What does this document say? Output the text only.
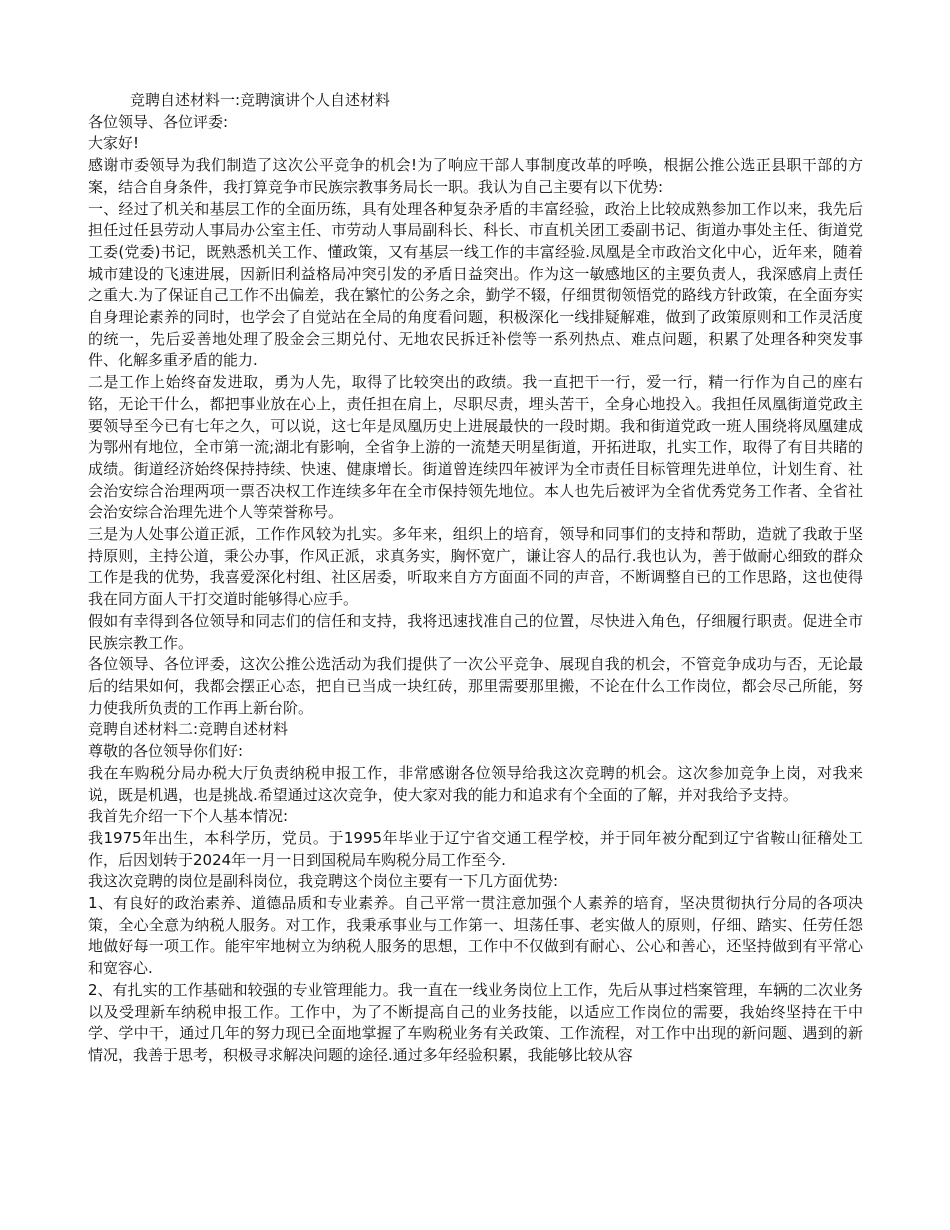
竞聘自述材料一:竞聘演讲个人自述材料

各位领导、各位评委:

大家好!

感谢市委领导为我们制造了这次公平竞争的机会!为了响应干部人事制度改革的呼唤，根据公推公选正县职干部的方案，结合自身条件，我打算竞争市民族宗教事务局长一职。我认为自己主要有以下优势:

一、经过了机关和基层工作的全面历练，具有处理各种复杂矛盾的丰富经验，政治上比较成熟参加工作以来，我先后担任过任县劳动人事局办公室主任、市劳动人事局副科长、科长、市直机关团工委副书记、街道办事处主任、街道党工委(党委)书记，既熟悉机关工作、懂政策，又有基层一线工作的丰富经验.凤凰是全市政治文化中心，近年来，随着城市建设的飞速进展，因新旧利益格局冲突引发的矛盾日益突出。作为这一敏感地区的主要负责人，我深感肩上责任之重大.为了保证自己工作不出偏差，我在繁忙的公务之余，勤学不辍，仔细贯彻领悟党的路线方针政策，在全面夯实自身理论素养的同时，也学会了自觉站在全局的角度看问题，积极深化一线排疑解难，做到了政策原则和工作灵活度的统一，先后妥善地处理了股金会三期兑付、无地农民拆迁补偿等一系列热点、难点问题，积累了处理各种突发事件、化解多重矛盾的能力.

二是工作上始终奋发进取，勇为人先，取得了比较突出的政绩。我一直把干一行，爱一行，精一行作为自己的座右铭，无论干什么，都把事业放在心上，责任担在肩上，尽职尽责，埋头苦干，全身心地投入。我担任凤凰街道党政主要领导至今已有七年之久，可以说，这七年是凤凰历史上进展最快的一段时期。我和街道党政一班人围绕将凤凰建成为鄂州有地位，全市第一流;湖北有影响，全省争上游的一流楚天明星街道，开拓进取，扎实工作，取得了有目共睹的成绩。街道经济始终保持持续、快速、健康增长。街道曾连续四年被评为全市责任目标管理先进单位，计划生育、社会治安综合治理两项一票否决权工作连续多年在全市保持领先地位。本人也先后被评为全省优秀党务工作者、全省社会治安综合治理先进个人等荣誉称号。

三是为人处事公道正派，工作作风较为扎实。多年来，组织上的培育，领导和同事们的支持和帮助，造就了我敢于坚持原则，主持公道，秉公办事，作风正派，求真务实，胸怀宽广，谦让容人的品行.我也认为，善于做耐心细致的群众工作是我的优势，我喜爱深化村组、社区居委，听取来自方方面面不同的声音，不断调整自已的工作思路，这也使得我在同方面人干打交道时能够得心应手。

假如有幸得到各位领导和同志们的信任和支持，我将迅速找准自己的位置，尽快进入角色，仔细履行职责。促进全市民族宗教工作。

各位领导、各位评委，这次公推公选活动为我们提供了一次公平竞争、展现自我的机会，不管竞争成功与否，无论最后的结果如何，我都会摆正心态，把自已当成一块红砖，那里需要那里搬，不论在什么工作岗位，都会尽己所能，努力使我所负责的工作再上新台阶。

竞聘自述材料二:竞聘自述材料

尊敬的各位领导你们好:

我在车购税分局办税大厅负责纳税申报工作，非常感谢各位领导给我这次竞聘的机会。这次参加竞争上岗，对我来说，既是机遇，也是挑战.希望通过这次竞争，使大家对我的能力和追求有个全面的了解，并对我给予支持。

我首先介绍一下个人基本情况:

我1975年出生，本科学历，党员。于1995年毕业于辽宁省交通工程学校，并于同年被分配到辽宁省鞍山征稽处工作，后因划转于2024年一月一日到国税局车购税分局工作至今.

我这次竞聘的岗位是副科岗位，我竞聘这个岗位主要有一下几方面优势:

1、有良好的政治素养、道德品质和专业素养。自己平常一贯注意加强个人素养的培育，坚决贯彻执行分局的各项决策，全心全意为纳税人服务。对工作，我秉承事业与工作第一、坦荡任事、老实做人的原则，仔细、踏实、任劳任怨地做好每一项工作。能牢牢地树立为纳税人服务的思想，工作中不仅做到有耐心、公心和善心，还坚持做到有平常心和宽容心.

2、有扎实的工作基础和较强的专业管理能力。我一直在一线业务岗位上工作，先后从事过档案管理，车辆的二次业务以及受理新车纳税申报工作。工作中，为了不断提高自己的业务技能，以适应工作岗位的需要，我始终坚持在干中学、学中干，通过几年的努力现已全面地掌握了车购税业务有关政策、工作流程，对工作中出现的新问题、遇到的新情况，我善于思考，积极寻求解决问题的途径.通过多年经验积累，我能够比较从容
